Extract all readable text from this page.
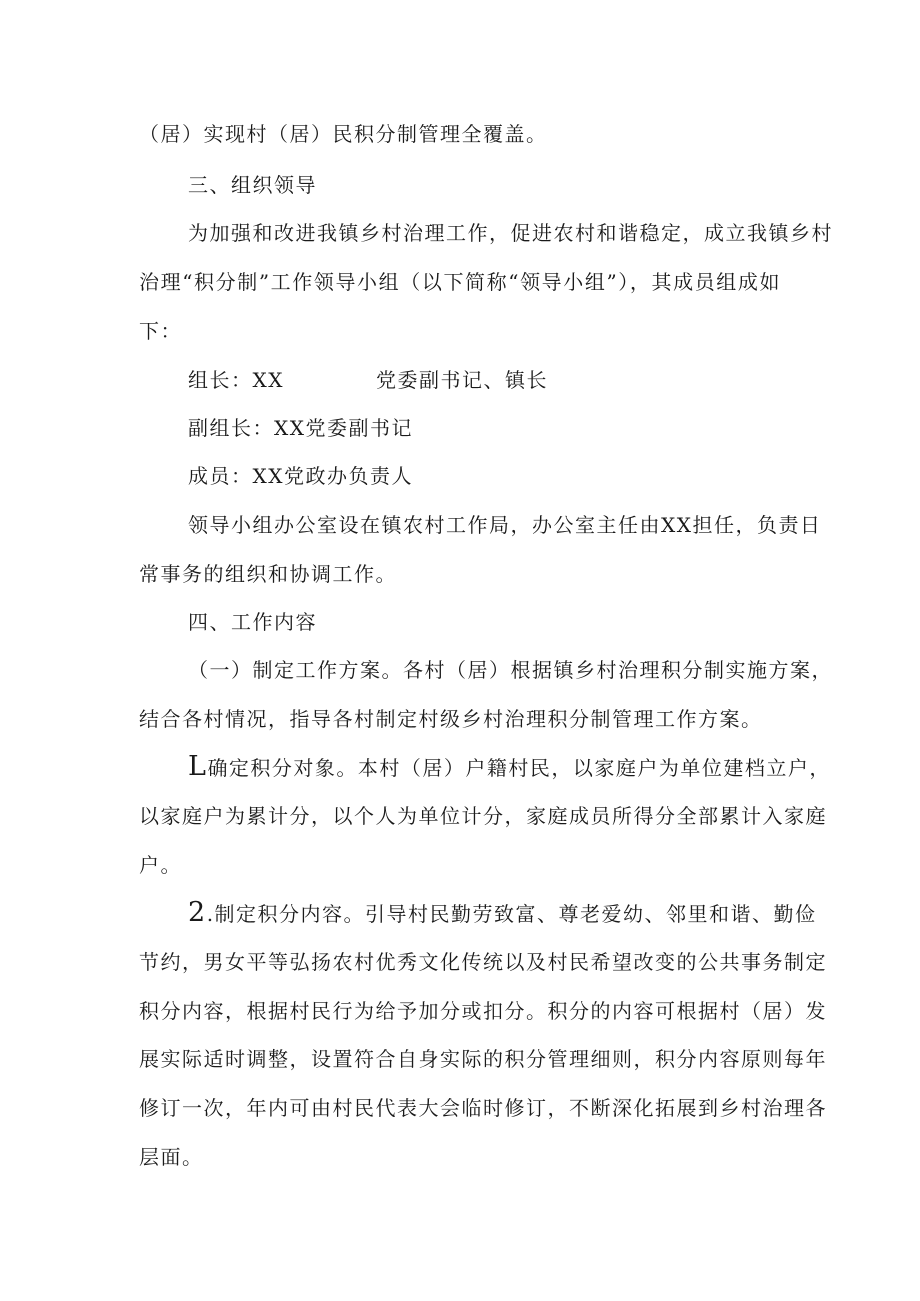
（居）实现村（居）民积分制管理全覆盖。
三、组织领导
为加强和改进我镇乡村治理工作，促进农村和谐稳定，成立我镇乡村
治理“积分制”工作领导小组（以下简称“领导小组”），其成员组成如
下：
组长：XX	党委副书记、镇长
副组长：XX党委副书记
成员：XX党政办负责人
领导小组办公室设在镇农村工作局，办公室主任由XX担任，负责日
常事务的组织和协调工作。
四、工作内容
（一）制定工作方案。各村（居）根据镇乡村治理积分制实施方案，
结合各村情况，指导各村制定村级乡村治理积分制管理工作方案。
L确定积分对象。本村（居）户籍村民，以家庭户为单位建档立户，
以家庭户为累计分，以个人为单位计分，家庭成员所得分全部累计入家庭
户。
2.制定积分内容。引导村民勤劳致富、尊老爱幼、邻里和谐、勤俭
节约，男女平等弘扬农村优秀文化传统以及村民希望改变的公共事务制定
积分内容，根据村民行为给予加分或扣分。积分的内容可根据村（居）发
展实际适时调整，设置符合自身实际的积分管理细则，积分内容原则每年
修订一次，年内可由村民代表大会临时修订，不断深化拓展到乡村治理各
层面。
